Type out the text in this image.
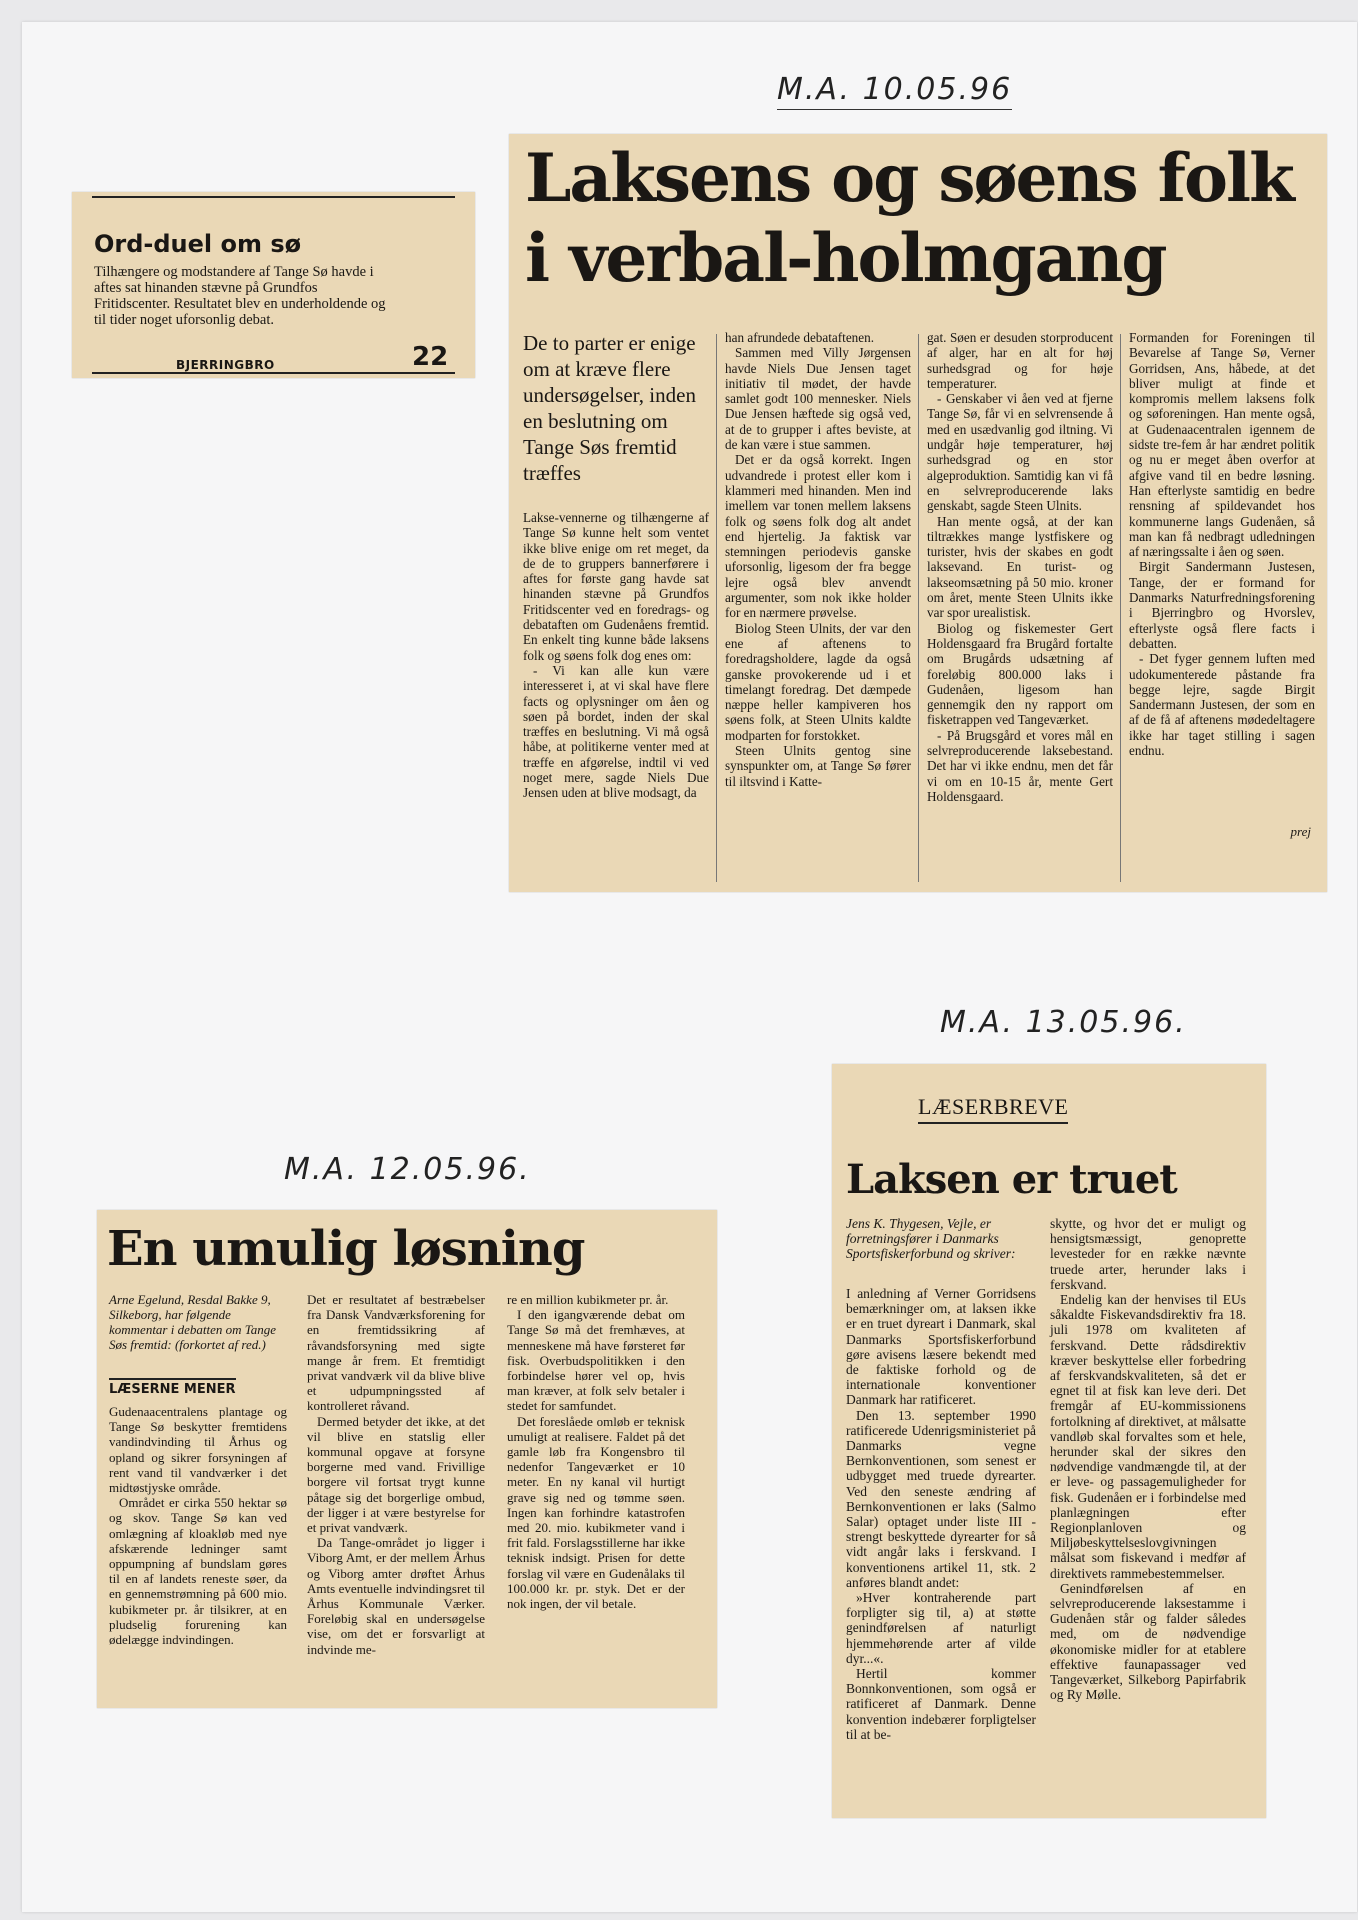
M.A. 10.05.96
M.A. 13.05.96.
M.A. 12.05.96.
Ord-duel om sø

Tilhængere og modstandere af Tange Sø havde i aftes sat hinanden stævne på Grundfos Fritidscenter. Resultatet blev en underholdende og til tider noget uforsonlig debat.

BJERRINGBRO	22
Laksens og søens folk
i verbal-holmgang
De to parter er enige om at kræve flere undersøgelser, inden en beslutning om Tange Søs fremtid træffes

Lakse-vennerne og tilhængerne af Tange Sø kunne helt som ventet ikke blive enige om ret meget, da de de to gruppers bannerførere i aftes for første gang havde sat hinanden stævne på Grundfos Fritidscenter ved en foredrags- og debataften om Gudenåens fremtid. En enkelt ting kunne både laksens folk og søens folk dog enes om:

- Vi kan alle kun være interesseret i, at vi skal have flere facts og oplysninger om åen og søen på bordet, inden der skal træffes en beslutning. Vi må også håbe, at politikerne venter med at træffe en afgørelse, indtil vi ved noget mere, sagde Niels Due Jensen uden at blive modsagt, da

han afrundede debataftenen.

Sammen med Villy Jørgensen havde Niels Due Jensen taget initiativ til mødet, der havde samlet godt 100 mennesker. Niels Due Jensen hæftede sig også ved, at de to grupper i aftes beviste, at de kan være i stue sammen.

Det er da også korrekt. Ingen udvandrede i protest eller kom i klammeri med hinanden. Men ind imellem var tonen mellem laksens folk og søens folk dog alt andet end hjertelig. Ja faktisk var stemningen periodevis ganske uforsonlig, ligesom der fra begge lejre også blev anvendt argumenter, som nok ikke holder for en nærmere prøvelse.

Biolog Steen Ulnits, der var den ene af aftenens to foredragsholdere, lagde da også ganske provokerende ud i et timelangt foredrag. Det dæmpede næppe heller kampiveren hos søens folk, at Steen Ulnits kaldte modparten for forstokket.

Steen Ulnits gentog sine synspunkter om, at Tange Sø fører til iltsvind i Katte-

gat. Søen er desuden storproducent af alger, har en alt for høj surhedsgrad og for høje temperaturer.

- Genskaber vi åen ved at fjerne Tange Sø, får vi en selvrensende å med en usædvanlig god iltning. Vi undgår høje temperaturer, høj surhedsgrad og en stor algeproduktion. Samtidig kan vi få en selvreproducerende laks genskabt, sagde Steen Ulnits.

Han mente også, at der kan tiltrækkes mange lystfiskere og turister, hvis der skabes en godt laksevand. En turist- og lakseomsætning på 50 mio. kroner om året, mente Steen Ulnits ikke var spor urealistisk.

Biolog og fiskemester Gert Holdensgaard fra Brugård fortalte om Brugårds udsætning af foreløbig 800.000 laks i Gudenåen, ligesom han gennemgik den ny rapport om fisketrappen ved Tangeværket.

- På Brugsgård et vores mål en selvreproducerende laksebestand. Det har vi ikke endnu, men det får vi om en 10-15 år, mente Gert Holdensgaard.

Formanden for Foreningen til Bevarelse af Tange Sø, Verner Gorridsen, Ans, håbede, at det bliver muligt at finde et kompromis mellem laksens folk og søforeningen. Han mente også, at Gudenaacentralen igennem de sidste tre-fem år har ændret politik og nu er meget åben overfor at afgive vand til en bedre løsning. Han efterlyste samtidig en bedre rensning af spildevandet hos kommunerne langs Gudenåen, så man kan få nedbragt udledningen af næringssalte i åen og søen.

Birgit Sandermann Justesen, Tange, der er formand for Danmarks Naturfredningsforening i Bjerringbro og Hvorslev, efterlyste også flere facts i debatten.

- Det fyger gennem luften med udokumenterede påstande fra begge lejre, sagde Birgit Sandermann Justesen, der som en af de få af aftenens mødedeltagere ikke har taget stilling i sagen endnu.

prej
En umulig løsning
Arne Egelund, Resdal Bakke 9, Silkeborg, har følgende kommentar i debatten om Tange Søs fremtid: (forkortet af red.)
LÆSERNE MENER

Gudenaacentralens plantage og Tange Sø beskytter fremtidens vandindvinding til Århus og opland og sikrer forsyningen af rent vand til vandværker i det midtøstjyske område.

Området er cirka 550 hektar sø og skov. Tange Sø kan ved omlægning af kloakløb med nye afskærende ledninger samt oppumpning af bundslam gøres til en af landets reneste søer, da en gennemstrømning på 600 mio. kubikmeter pr. år tilsikrer, at en pludselig forurening kan ødelægge indvindingen.

Det er resultatet af bestræbelser fra Dansk Vandværksforening for en fremtidssikring af råvandsforsyning med sigte mange år frem. Et fremtidigt privat vandværk vil da blive blive et udpumpningssted af kontrolleret råvand.

Dermed betyder det ikke, at det vil blive en statslig eller kommunal opgave at forsyne borgerne med vand. Frivillige borgere vil fortsat trygt kunne påtage sig det borgerlige ombud, der ligger i at være bestyrelse for et privat vandværk.

Da Tange-området jo ligger i Viborg Amt, er der mellem Århus og Viborg amter drøftet Århus Amts eventuelle indvindingsret til Århus Kommunale Værker. Foreløbig skal en undersøgelse vise, om det er forsvarligt at indvinde me-

re en million kubikmeter pr. år.

I den igangværende debat om Tange Sø må det fremhæves, at menneskene må have førsteret før fisk. Overbudspolitikken i den forbindelse hører vel op, hvis man kræver, at folk selv betaler i stedet for samfundet.

Det foreslåede omløb er teknisk umuligt at realisere. Faldet på det gamle løb fra Kongensbro til nedenfor Tangeværket er 10 meter. En ny kanal vil hurtigt grave sig ned og tømme søen. Ingen kan forhindre katastrofen med 20. mio. kubikmeter vand i frit fald. Forslagsstillerne har ikke teknisk indsigt. Prisen for dette forslag vil være en Gudenålaks til 100.000 kr. pr. styk. Det er der nok ingen, der vil betale.

LÆSERBREVE
Laksen er truet
Jens K. Thygesen, Vejle, er forretningsfører i Danmarks Sportsfiskerforbund og skriver:

I anledning af Verner Gorridsens bemærkninger om, at laksen ikke er en truet dyreart i Danmark, skal Danmarks Sportsfiskerforbund gøre avisens læsere bekendt med de faktiske forhold og de internationale konventioner Danmark har ratificeret.

Den 13. september 1990 ratificerede Udenrigsministeriet på Danmarks vegne Bernkonventionen, som senest er udbygget med truede dyrearter. Ved den seneste ændring af Bernkonventionen er laks (Salmo Salar) optaget under liste III - strengt beskyttede dyrearter for så vidt angår laks i ferskvand. I konventionens artikel 11, stk. 2 anføres blandt andet:

»Hver kontraherende part forpligter sig til, a) at støtte genindførelsen af naturligt hjemmehørende arter af vilde dyr...«.

Hertil kommer Bonnkonventionen, som også er ratificeret af Danmark. Denne konvention indebærer forpligtelser til at be-

skytte, og hvor det er muligt og hensigtsmæssigt, genoprette levesteder for en række nævnte truede arter, herunder laks i ferskvand.

Endelig kan der henvises til EUs såkaldte Fiskevandsdirektiv fra 18. juli 1978 om kvaliteten af ferskvand. Dette rådsdirektiv kræver beskyttelse eller forbedring af ferskvandskvaliteten, så det er egnet til at fisk kan leve deri. Det fremgår af EU-kommissionens fortolkning af direktivet, at målsatte vandløb skal forvaltes som et hele, herunder skal der sikres den nødvendige vandmængde til, at der er leve- og passagemuligheder for fisk. Gudenåen er i forbindelse med planlægningen efter Regionplanloven og Miljøbeskyttelseslovgivningen målsat som fiskevand i medfør af direktivets rammebestemmelser.

Genindførelsen af en selvreproducerende laksestamme i Gudenåen står og falder således med, om de nødvendige økonomiske midler for at etablere effektive faunapassager ved Tangeværket, Silkeborg Papirfabrik og Ry Mølle.
